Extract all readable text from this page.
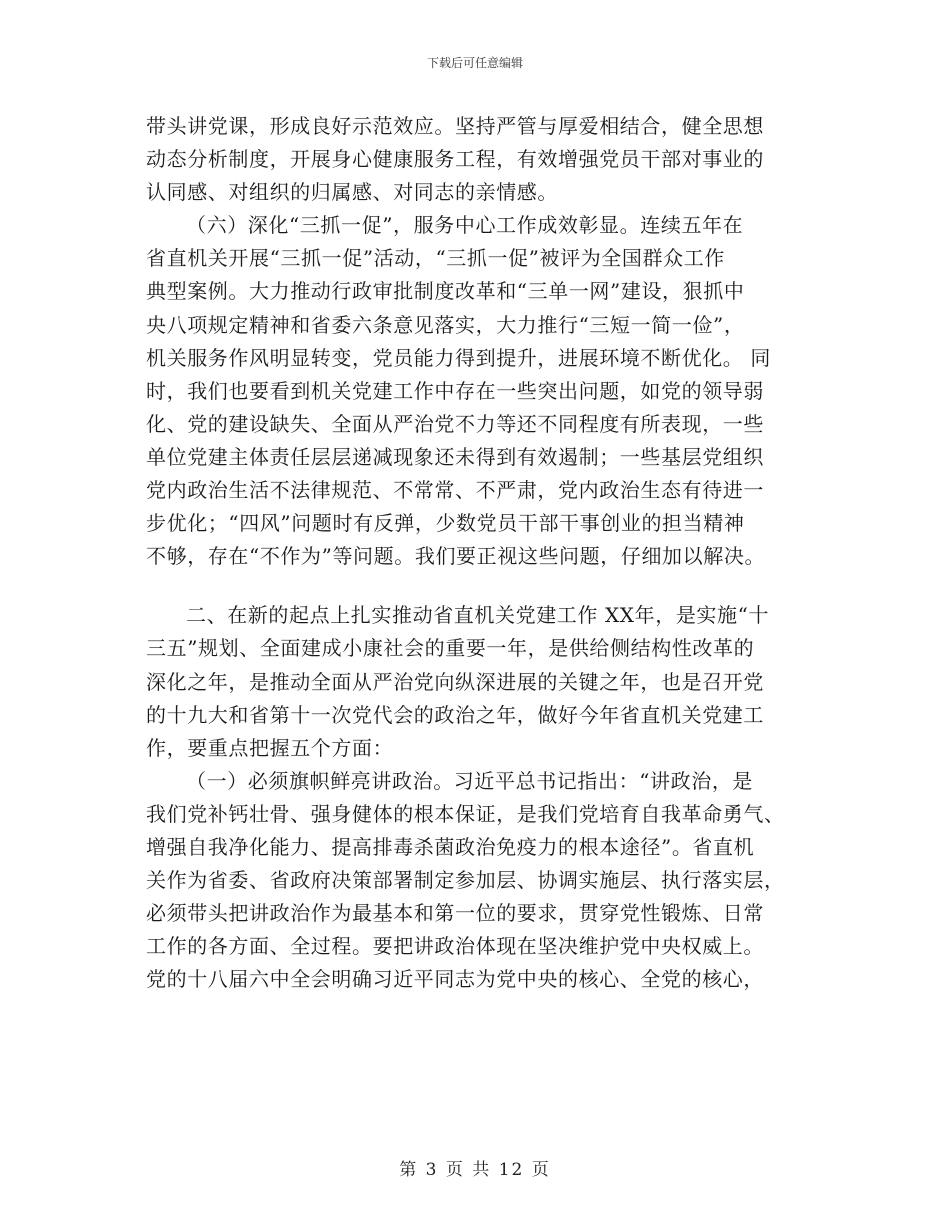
下载后可任意编辑
带头讲党课，形成良好示范效应。坚持严管与厚爱相结合，健全思想
动态分析制度，开展身心健康服务工程，有效增强党员干部对事业的
认同感、对组织的归属感、对同志的亲情感。
（六）深化“三抓一促”，服务中心工作成效彰显。连续五年在
省直机关开展“三抓一促”活动，“三抓一促”被评为全国群众工作
典型案例。大力推动行政审批制度改革和“三单一网”建设，狠抓中
央八项规定精神和省委六条意见落实，大力推行“三短一简一俭”，
机关服务作风明显转变，党员能力得到提升，进展环境不断优化。 同
时，我们也要看到机关党建工作中存在一些突出问题，如党的领导弱
化、党的建设缺失、全面从严治党不力等还不同程度有所表现，一些
单位党建主体责任层层递减现象还未得到有效遏制；一些基层党组织
党内政治生活不法律规范、不常常、不严肃，党内政治生态有待进一
步优化；“四风”问题时有反弹，少数党员干部干事创业的担当精神
不够，存在“不作为”等问题。我们要正视这些问题，仔细加以解决。
二、在新的起点上扎实推动省直机关党建工作 XX年，是实施“十
三五”规划、全面建成小康社会的重要一年，是供给侧结构性改革的
深化之年，是推动全面从严治党向纵深进展的关键之年，也是召开党
的十九大和省第十一次党代会的政治之年，做好今年省直机关党建工
作，要重点把握五个方面：
（一）必须旗帜鲜亮讲政治。习近平总书记指出：“讲政治，是
我们党补钙壮骨、强身健体的根本保证，是我们党培育自我革命勇气、
增强自我净化能力、提高排毒杀菌政治免疫力的根本途径”。省直机
关作为省委、省政府决策部署制定参加层、协调实施层、执行落实层，
必须带头把讲政治作为最基本和第一位的要求，贯穿党性锻炼、日常
工作的各方面、全过程。要把讲政治体现在坚决维护党中央权威上。
党的十八届六中全会明确习近平同志为党中央的核心、全党的核心，
第 3 页 共 12 页
